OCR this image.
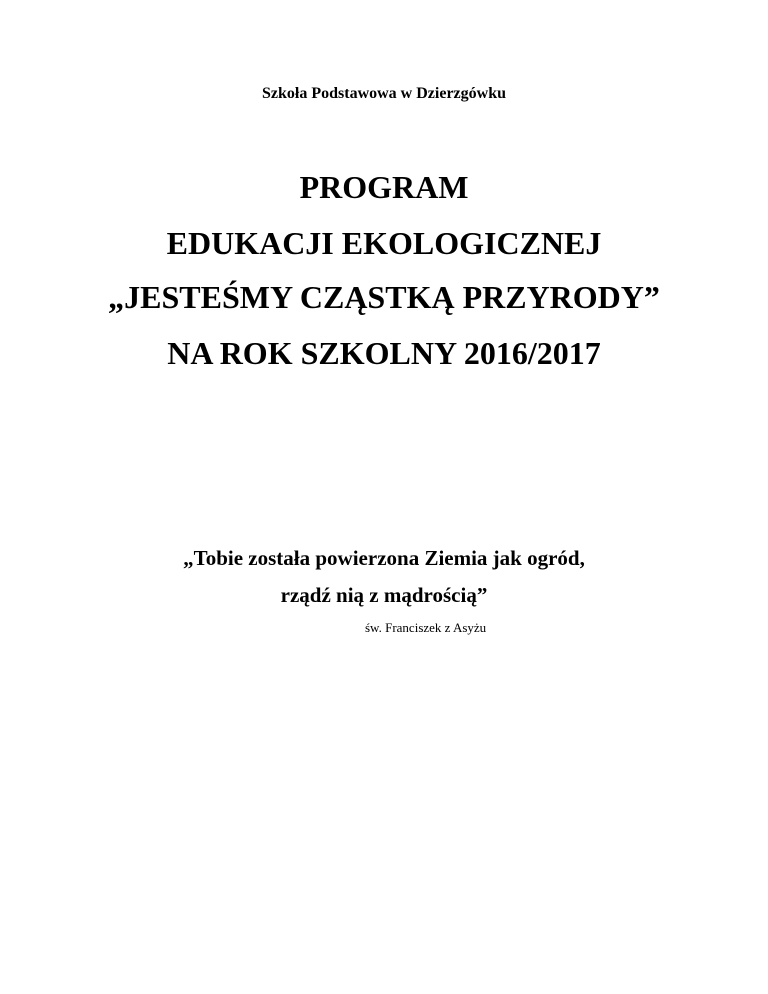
Szkoła Podstawowa w Dzierzgówku
PROGRAM
EDUKACJI EKOLOGICZNEJ
„JESTEŚMY CZĄSTKĄ PRZYRODY”
NA ROK SZKOLNY 2016/2017
„Tobie została powierzona Ziemia jak ogród,
rządź nią z mądrością”
św. Franciszek z Asyżu
